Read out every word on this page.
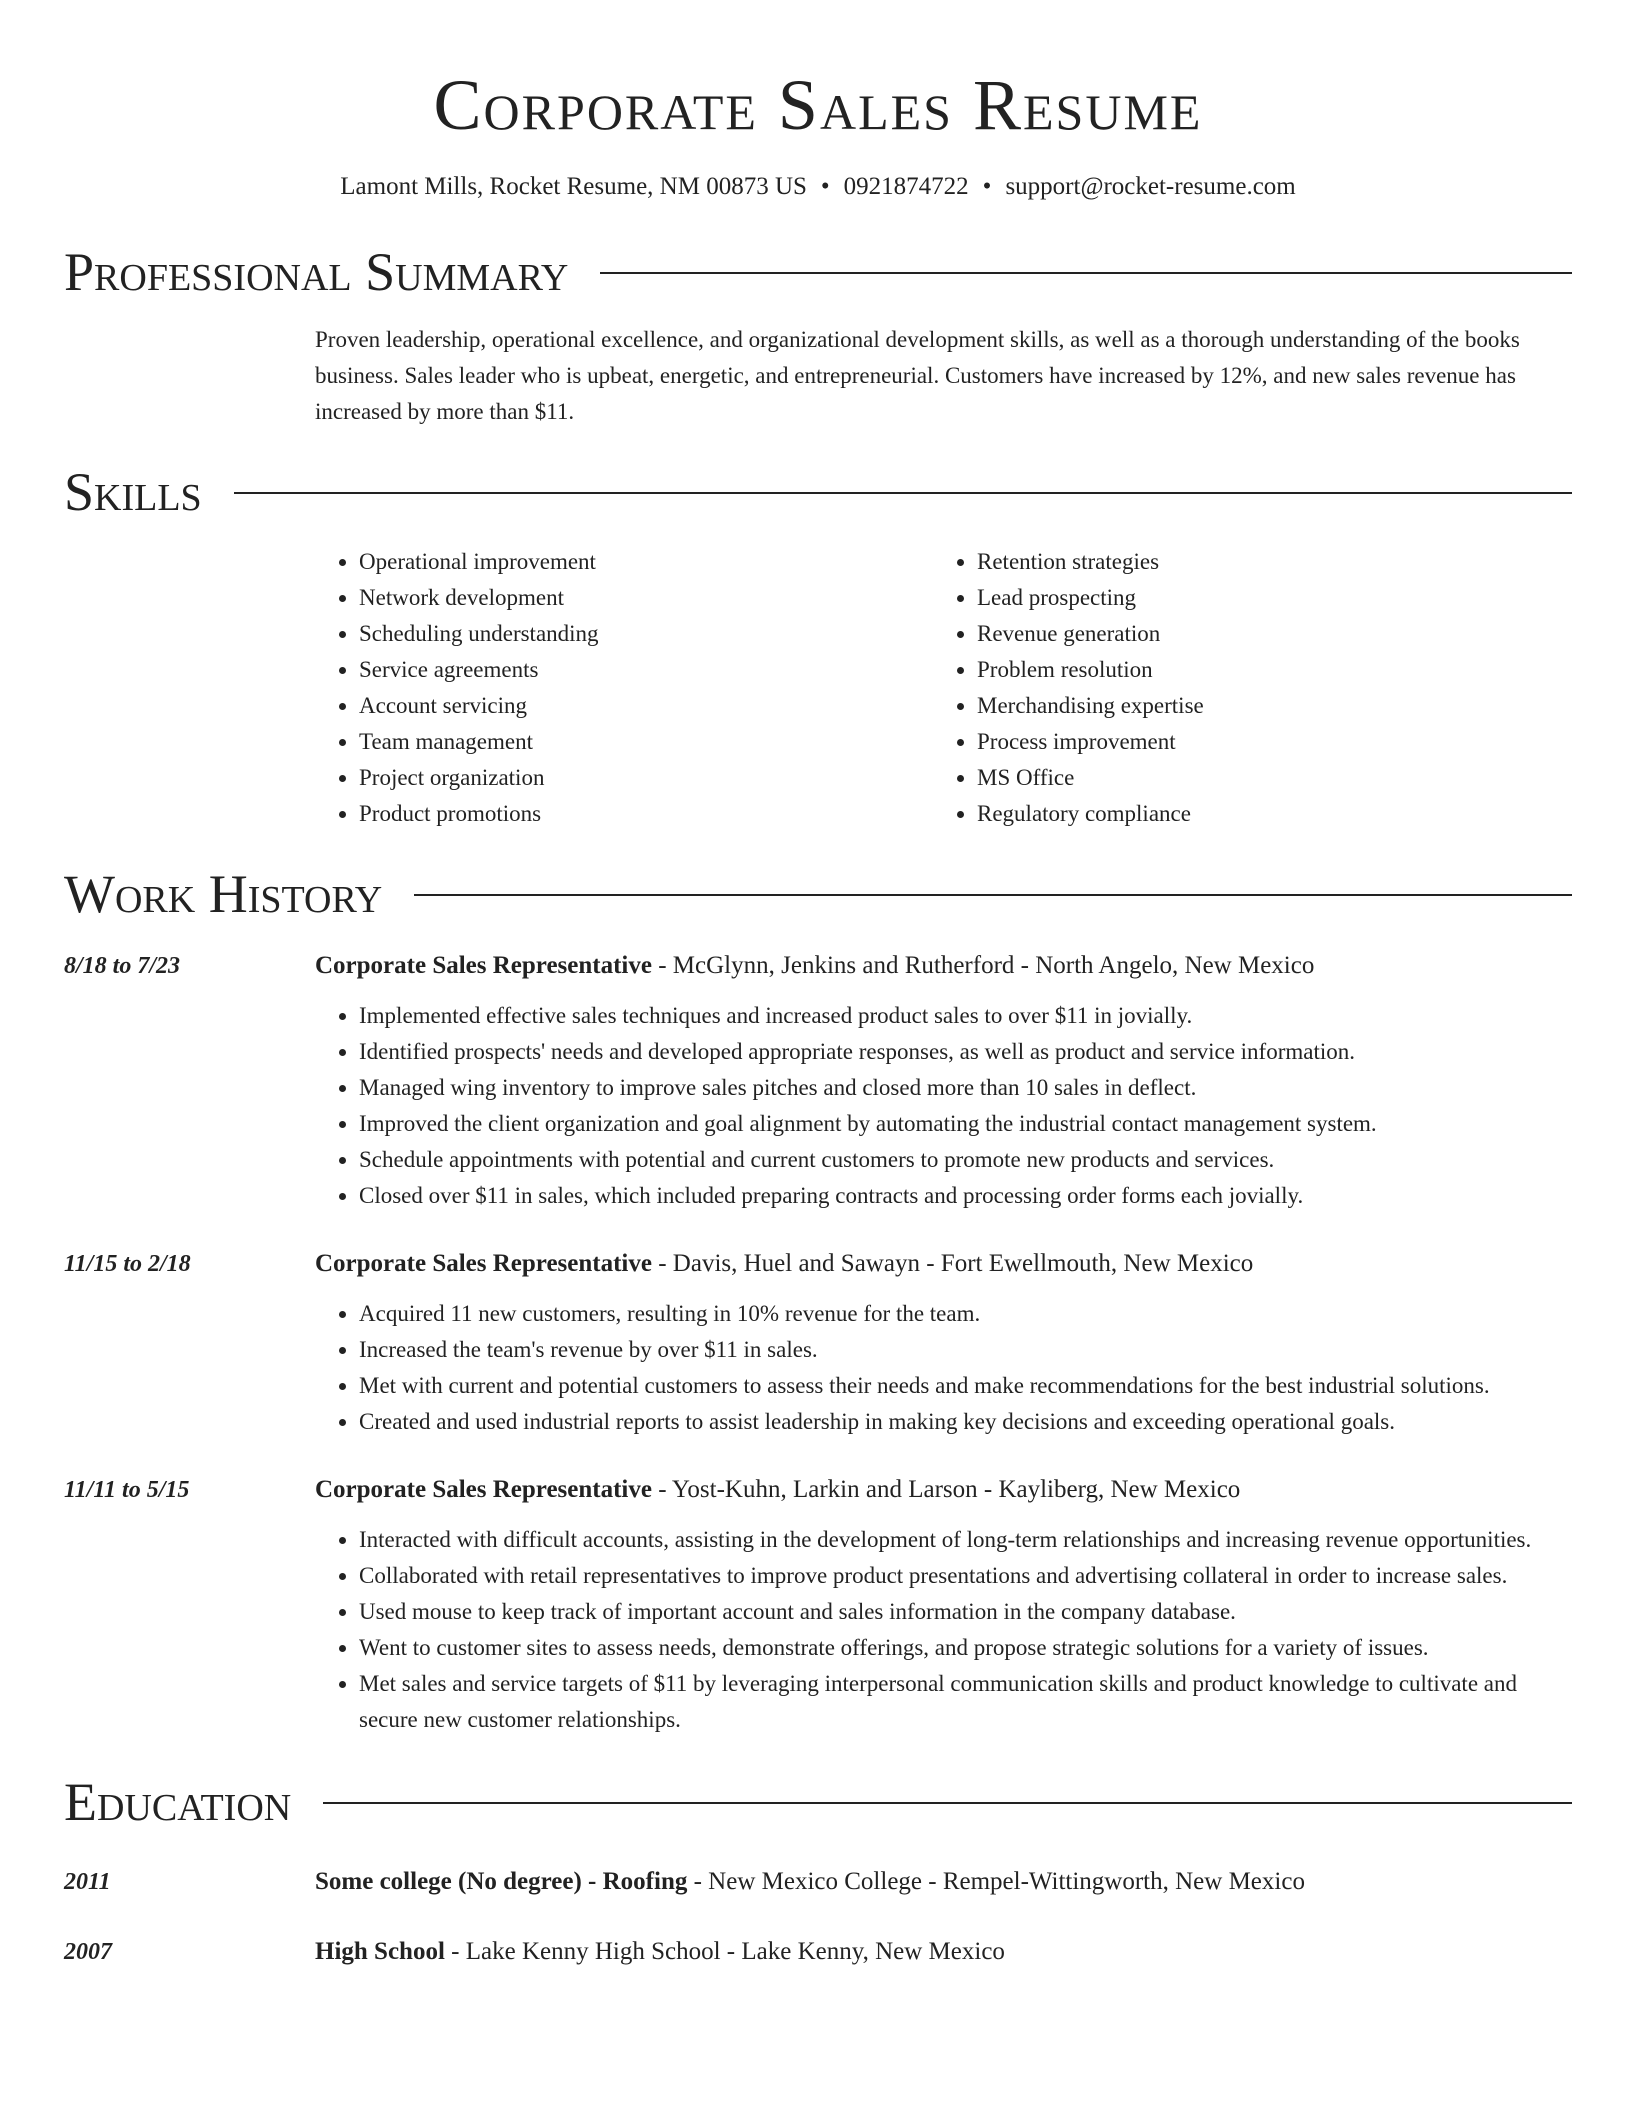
Corporate Sales Resume
Lamont Mills, Rocket Resume, NM 00873 US • 0921874722 • support@rocket-resume.com
Professional Summary

Proven leadership, operational excellence, and organizational development skills, as well as a thorough understanding of the books business. Sales leader who is upbeat, energetic, and entrepreneurial. Customers have increased by 12%, and new sales revenue has increased by more than $11.

Skills
• Operational improvement
• Network development
• Scheduling understanding
• Service agreements
• Account servicing
• Team management
• Project organization
• Product promotions
• Retention strategies
• Lead prospecting
• Revenue generation
• Problem resolution
• Merchandising expertise
• Process improvement
• MS Office
• Regulatory compliance
Work History
8/18 to 7/23	Corporate Sales Representative - McGlynn, Jenkins and Rutherford - North Angelo, New Mexico
• Implemented effective sales techniques and increased product sales to over $11 in jovially.
• Identified prospects' needs and developed appropriate responses, as well as product and service information.
• Managed wing inventory to improve sales pitches and closed more than 10 sales in deflect.
• Improved the client organization and goal alignment by automating the industrial contact management system.
• Schedule appointments with potential and current customers to promote new products and services.
• Closed over $11 in sales, which included preparing contracts and processing order forms each jovially.
11/15 to 2/18	Corporate Sales Representative - Davis, Huel and Sawayn - Fort Ewellmouth, New Mexico
• Acquired 11 new customers, resulting in 10% revenue for the team.
• Increased the team's revenue by over $11 in sales.
• Met with current and potential customers to assess their needs and make recommendations for the best industrial solutions.
• Created and used industrial reports to assist leadership in making key decisions and exceeding operational goals.
11/11 to 5/15	Corporate Sales Representative - Yost-Kuhn, Larkin and Larson - Kayliberg, New Mexico
• Interacted with difficult accounts, assisting in the development of long-term relationships and increasing revenue opportunities.
• Collaborated with retail representatives to improve product presentations and advertising collateral in order to increase sales.
• Used mouse to keep track of important account and sales information in the company database.
• Went to customer sites to assess needs, demonstrate offerings, and propose strategic solutions for a variety of issues.
• Met sales and service targets of $11 by leveraging interpersonal communication skills and product knowledge to cultivate and secure new customer relationships.
Education
2011	Some college (No degree) - Roofing - New Mexico College - Rempel-Wittingworth, New Mexico
2007	High School - Lake Kenny High School - Lake Kenny, New Mexico
